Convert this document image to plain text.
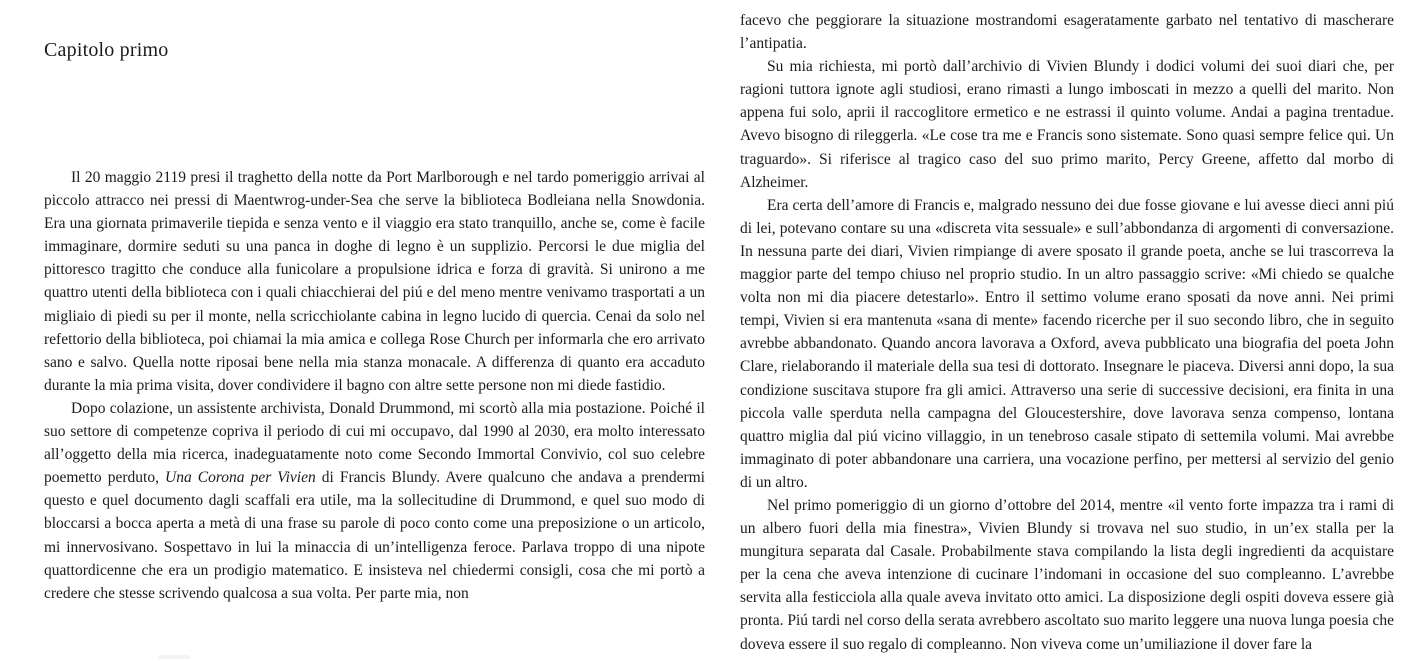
Capitolo primo

Il 20 maggio 2119 presi il traghetto della notte da Port Marlborough e nel tardo pomeriggio arrivai al piccolo attracco nei pressi di Maentwrog-under-Sea che serve la biblioteca Bodleiana nella Snowdonia. Era una giornata primaverile tiepida e senza vento e il viaggio era stato tranquillo, anche se, come è facile immaginare, dormire seduti su una panca in doghe di legno è un supplizio. Percorsi le due miglia del pittoresco tragitto che conduce alla funicolare a propulsione idrica e forza di gravità. Si unirono a me quattro utenti della biblioteca con i quali chiacchierai del piú e del meno mentre venivamo trasportati a un migliaio di piedi su per il monte, nella scricchiolante cabina in legno lucido di quercia. Cenai da solo nel refettorio della biblioteca, poi chiamai la mia amica e collega Rose Church per informarla che ero arrivato sano e salvo. Quella notte riposai bene nella mia stanza monacale. A differenza di quanto era accaduto durante la mia prima visita, dover condividere il bagno con altre sette persone non mi diede fastidio.

Dopo colazione, un assistente archivista, Donald Drummond, mi scortò alla mia postazione. Poiché il suo settore di competenze copriva il periodo di cui mi occupavo, dal 1990 al 2030, era molto interessato all’oggetto della mia ricerca, inadeguatamente noto come Secondo Immortal Convivio, col suo celebre poemetto perduto, Una Corona per Vivien di Francis Blundy. Avere qualcuno che andava a prendermi questo e quel documento dagli scaffali era utile, ma la sollecitudine di Drummond, e quel suo modo di bloccarsi a bocca aperta a metà di una frase su parole di poco conto come una preposizione o un articolo, mi innervosivano. Sospettavo in lui la minaccia di un’intelligenza feroce. Parlava troppo di una nipote quattordicenne che era un prodigio matematico. E insisteva nel chiedermi consigli, cosa che mi portò a credere che stesse scrivendo qualcosa a sua volta. Per parte mia, non

facevo che peggiorare la situazione mostrandomi esageratamente garbato nel tentativo di mascherare l’antipatia.

Su mia richiesta, mi portò dall’archivio di Vivien Blundy i dodici volumi dei suoi diari che, per ragioni tuttora ignote agli studiosi, erano rimasti a lungo imboscati in mezzo a quelli del marito. Non appena fui solo, aprii il raccoglitore ermetico e ne estrassi il quinto volume. Andai a pagina trentadue. Avevo bisogno di rileggerla. «Le cose tra me e Francis sono sistemate. Sono quasi sempre felice qui. Un traguardo». Si riferisce al tragico caso del suo primo marito, Percy Greene, affetto dal morbo di Alzheimer.

Era certa dell’amore di Francis e, malgrado nessuno dei due fosse giovane e lui avesse dieci anni piú di lei, potevano contare su una «discreta vita sessuale» e sull’abbondanza di argomenti di conversazione. In nessuna parte dei diari, Vivien rimpiange di avere sposato il grande poeta, anche se lui trascorreva la maggior parte del tempo chiuso nel proprio studio. In un altro passaggio scrive: «Mi chiedo se qualche volta non mi dia piacere detestarlo». Entro il settimo volume erano sposati da nove anni. Nei primi tempi, Vivien si era mantenuta «sana di mente» facendo ricerche per il suo secondo libro, che in seguito avrebbe abbandonato. Quando ancora lavorava a Oxford, aveva pubblicato una biografia del poeta John Clare, rielaborando il materiale della sua tesi di dottorato. Insegnare le piaceva. Diversi anni dopo, la sua condizione suscitava stupore fra gli amici. Attraverso una serie di successive decisioni, era finita in una piccola valle sperduta nella campagna del Gloucestershire, dove lavorava senza compenso, lontana quattro miglia dal piú vicino villaggio, in un tenebroso casale stipato di settemila volumi. Mai avrebbe immaginato di poter abbandonare una carriera, una vocazione perfino, per mettersi al servizio del genio di un altro.

Nel primo pomeriggio di un giorno d’ottobre del 2014, mentre «il vento forte impazza tra i rami di un albero fuori della mia finestra», Vivien Blundy si trovava nel suo studio, in un’ex stalla per la mungitura separata dal Casale. Probabilmente stava compilando la lista degli ingredienti da acquistare per la cena che aveva intenzione di cucinare l’indomani in occasione del suo compleanno. L’avrebbe servita alla festicciola alla quale aveva invitato otto amici. La disposizione degli ospiti doveva essere già pronta. Piú tardi nel corso della serata avrebbero ascoltato suo marito leggere una nuova lunga poesia che doveva essere il suo regalo di compleanno. Non viveva come un’umiliazione il dover fare la
